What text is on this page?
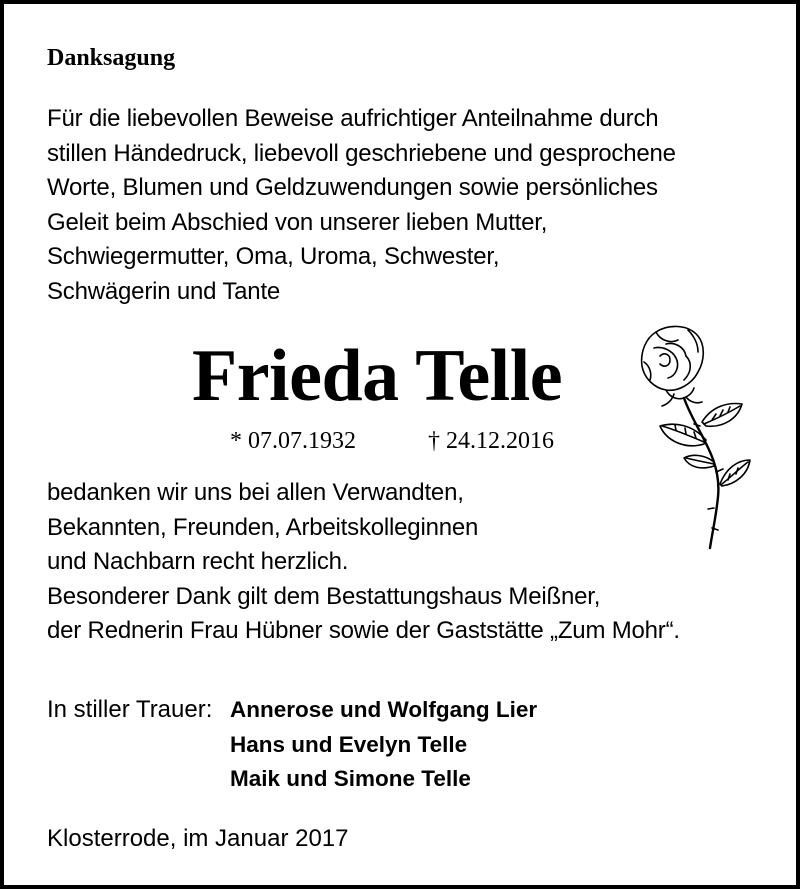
Danksagung

Für die liebevollen Beweise aufrichtiger Anteilnahme durch
stillen Händedruck, liebevoll geschriebene und gesprochene
Worte, Blumen und Geldzuwendungen sowie persönliches
Geleit beim Abschied von unserer lieben Mutter,
Schwiegermutter, Oma, Uroma, Schwester,
Schwägerin und Tante

Frieda Telle

* 07.07.1932	† 24.12.2016

bedanken wir uns bei allen Verwandten,
Bekannten, Freunden, Arbeitskolleginnen
und Nachbarn recht herzlich.
Besonderer Dank gilt dem Bestattungshaus Meißner,
der Rednerin Frau Hübner sowie der Gaststätte „Zum Mohr“.

In stiller Trauer: Annerose und Wolfgang Lier
Hans und Evelyn Telle
Maik und Simone Telle

Klosterrode, im Januar 2017
